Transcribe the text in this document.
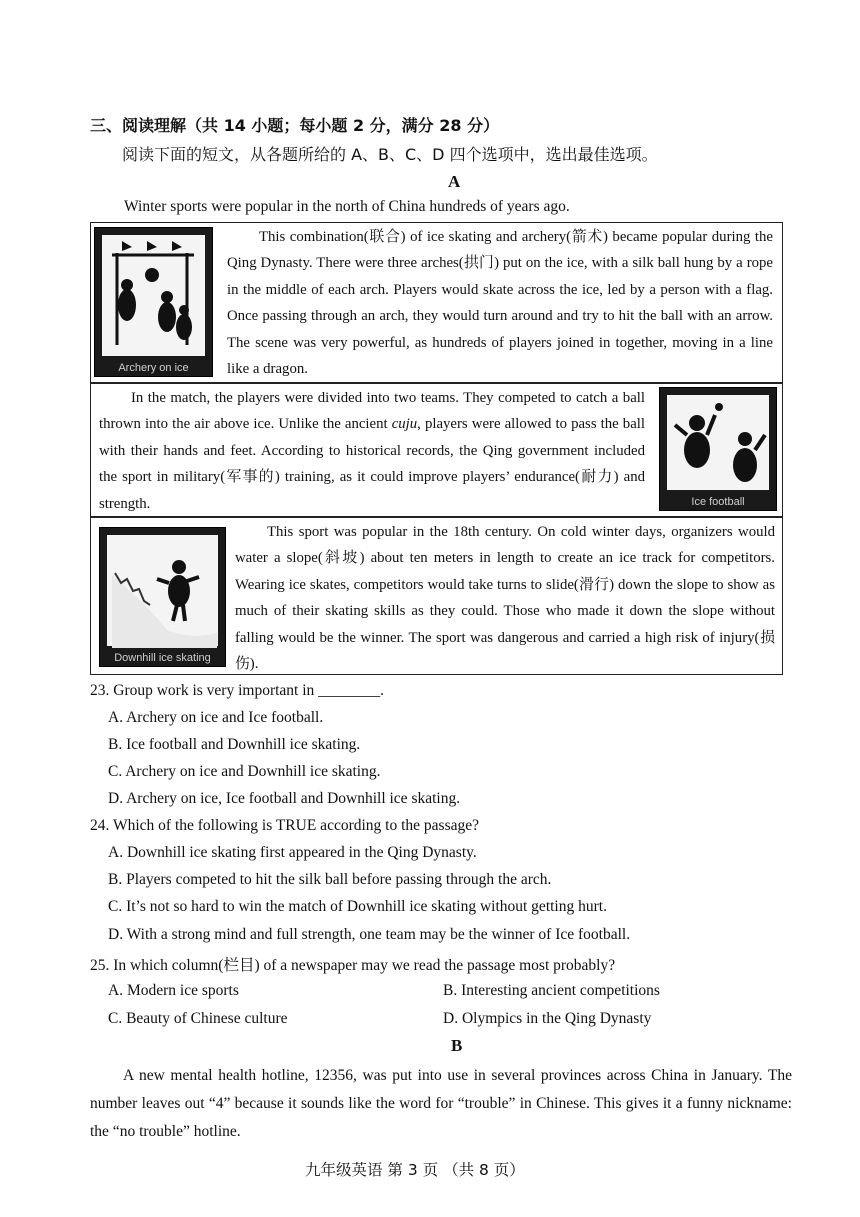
三、阅读理解（共 14 小题；每小题 2 分，满分 28 分）
阅读下面的短文，从各题所给的 A、B、C、D 四个选项中，选出最佳选项。
A
Winter sports were popular in the north of China hundreds of years ago.
Archery on ice

This combination(联合) of ice skating and archery(箭术) became popular during the Qing Dynasty. There were three arches(拱门) put on the ice, with a silk ball hung by a rope in the middle of each arch. Players would skate across the ice, led by a person with a flag. Once passing through an arch, they would turn around and try to hit the ball with an arrow. The scene was very powerful, as hundreds of players joined in together, moving in a line like a dragon.

In the match, the players were divided into two teams. They competed to catch a ball thrown into the air above ice. Unlike the ancient cuju, players were allowed to pass the ball with their hands and feet. According to historical records, the Qing government included the sport in military(军事的) training, as it could improve players’ endurance(耐力) and strength.	Ice football
Downhill ice skating

This sport was popular in the 18th century. On cold winter days, organizers would water a slope(斜坡) about ten meters in length to create an ice track for competitors. Wearing ice skates, competitors would take turns to slide(滑行) down the slope to show as much of their skating skills as they could. Those who made it down the slope without falling would be the winner. The sport was dangerous and carried a high risk of injury(损伤).

23. Group work is very important in ________.
A. Archery on ice and Ice football.
B. Ice football and Downhill ice skating.
C. Archery on ice and Downhill ice skating.
D. Archery on ice, Ice football and Downhill ice skating.
24. Which of the following is TRUE according to the passage?
A. Downhill ice skating first appeared in the Qing Dynasty.
B. Players competed to hit the silk ball before passing through the arch.
C. It’s not so hard to win the match of Downhill ice skating without getting hurt.
D. With a strong mind and full strength, one team may be the winner of Ice football.
25. In which column(栏目) of a newspaper may we read the passage most probably?
A. Modern ice sports	B. Interesting ancient competitions
C. Beauty of Chinese culture	D. Olympics in the Qing Dynasty
B

A new mental health hotline, 12356, was put into use in several provinces across China in January. The number leaves out “4” because it sounds like the word for “trouble” in Chinese. This gives it a funny nickname: the “no trouble” hotline.

九年级英语 第 3 页 （共 8 页）
